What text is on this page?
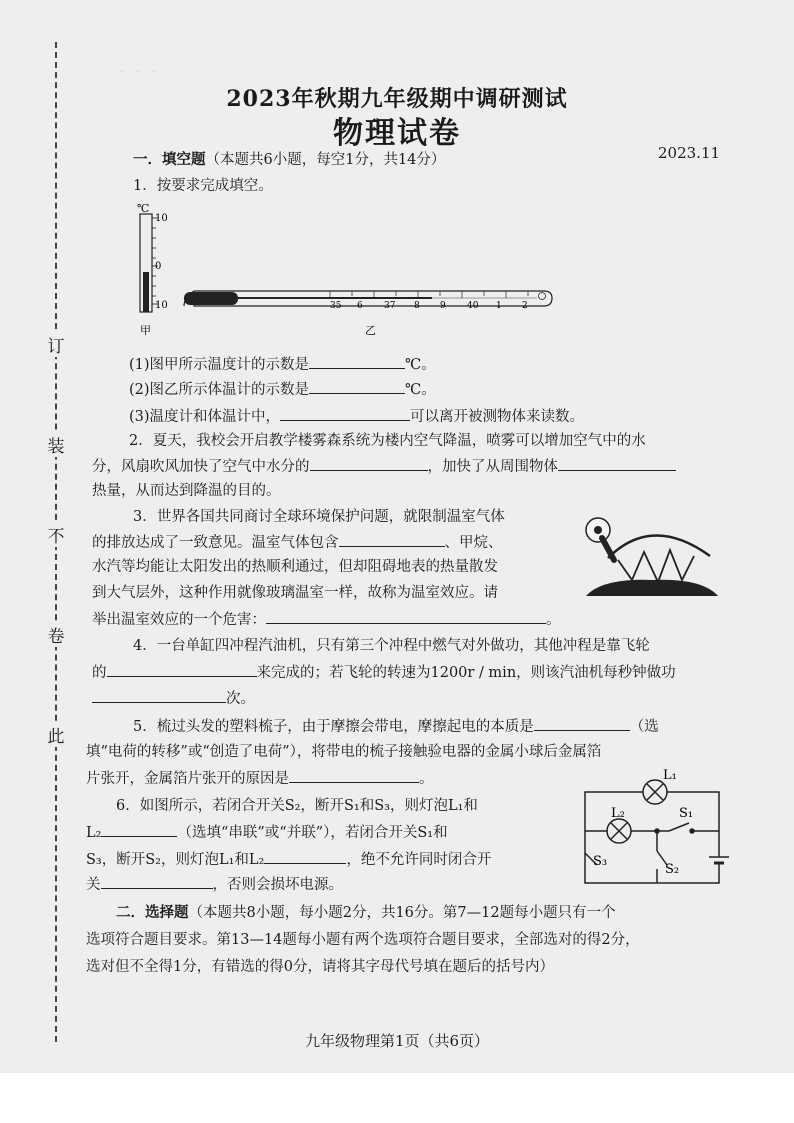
·　·　·
订
装
不
卷
此
2023年秋期九年级期中调研测试
物理试卷
2023.11
一．填空题（本题共6小题，每空1分，共14分）
1．按要求完成填空。
℃
10
0
10
甲
35 6 37 8 9 40 1 2
乙
(1)图甲所示温度计的示数是	℃。
(2)图乙所示体温计的示数是	℃。
(3)温度计和体温计中，	可以离开被测物体来读数。
2．夏天，我校会开启教学楼雾森系统为楼内空气降温，喷雾可以增加空气中的水
分，风扇吹风加快了空气中水分的	，加快了从周围物体
热量，从而达到降温的目的。
3．世界各国共同商讨全球环境保护问题，就限制温室气体
的排放达成了一致意见。温室气体包含	、甲烷、
水汽等均能让太阳发出的热顺利通过，但却阻碍地表的热量散发
到大气层外，这种作用就像玻璃温室一样，故称为温室效应。请
举出温室效应的一个危害：	。
4．一台单缸四冲程汽油机，只有第三个冲程中燃气对外做功，其他冲程是靠飞轮
的	来完成的；若飞轮的转速为1200r / min，则该汽油机每秒钟做功
次。
5．梳过头发的塑料梳子，由于摩擦会带电，摩擦起电的本质是	（选
填“电荷的转移”或“创造了电荷”），将带电的梳子接触验电器的金属小球后金属箔
片张开，金属箔片张开的原因是	。
6．如图所示，若闭合开关S₂，断开S₁和S₃，则灯泡L₁和
L₂	（选填“串联”或“并联”），若闭合开关S₁和
S₃，断开S₂，则灯泡L₁和L₂	，绝不允许同时闭合开
关	，否则会损坏电源。
L₁
L₂	S₁
S₃
S₂
二．选择题（本题共8小题，每小题2分，共16分。第7—12题每小题只有一个
选项符合题目要求。第13—14题每小题有两个选项符合题目要求，全部选对的得2分，
选对但不全得1分，有错选的得0分，请将其字母代号填在题后的括号内）
九年级物理第1页（共6页）
